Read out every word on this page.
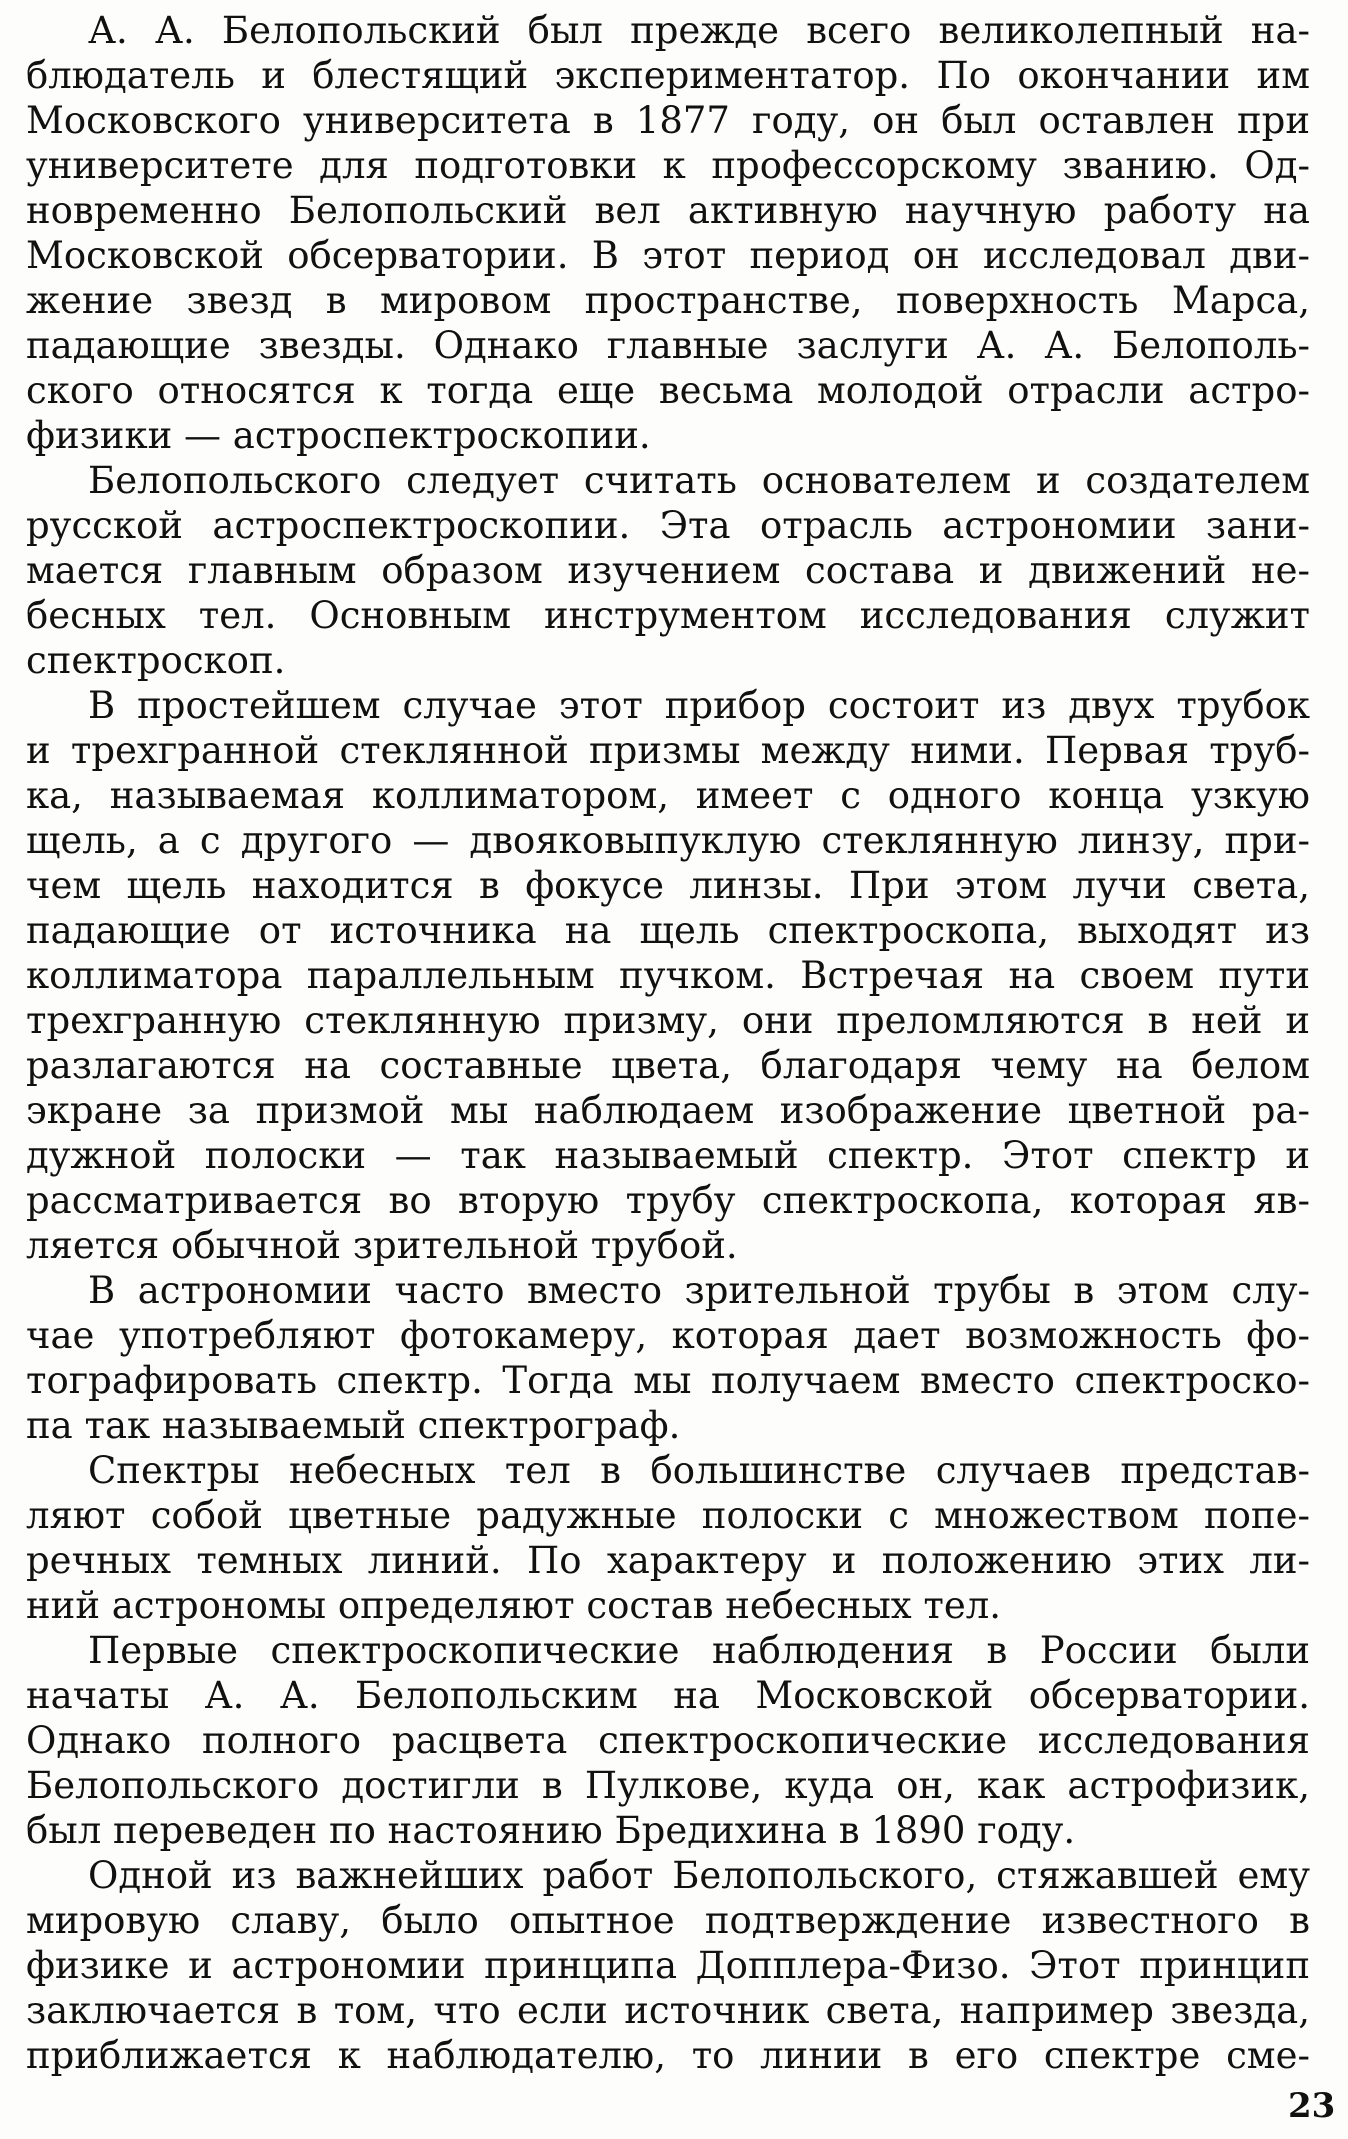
А. А. Белопольский был прежде всего великолепный на-
блюдатель и блестящий экспериментатор. По окончании им
Московского университета в 1877 году, он был оставлен при
университете для подготовки к профессорскому званию. Од-
новременно Белопольский вел активную научную работу на
Московской обсерватории. В этот период он исследовал дви-
жение звезд в мировом пространстве, поверхность Марса,
падающие звезды. Однако главные заслуги А. А. Белополь-
ского относятся к тогда еще весьма молодой отрасли астро-
физики — астроспектроскопии.
Белопольского следует считать основателем и создателем
русской астроспектроскопии. Эта отрасль астрономии зани-
мается главным образом изучением состава и движений не-
бесных тел. Основным инструментом исследования служит
спектроскоп.
В простейшем случае этот прибор состоит из двух трубок
и трехгранной стеклянной призмы между ними. Первая труб-
ка, называемая коллиматором, имеет с одного конца узкую
щель, а с другого — двояковыпуклую стеклянную линзу, при-
чем щель находится в фокусе линзы. При этом лучи света,
падающие от источника на щель спектроскопа, выходят из
коллиматора параллельным пучком. Встречая на своем пути
трехгранную стеклянную призму, они преломляются в ней и
разлагаются на составные цвета, благодаря чему на белом
экране за призмой мы наблюдаем изображение цветной ра-
дужной полоски — так называемый спектр. Этот спектр и
рассматривается во вторую трубу спектроскопа, которая яв-
ляется обычной зрительной трубой.
В астрономии часто вместо зрительной трубы в этом слу-
чае употребляют фотокамеру, которая дает возможность фо-
тографировать спектр. Тогда мы получаем вместо спектроско-
па так называемый спектрограф.
Спектры небесных тел в большинстве случаев представ-
ляют собой цветные радужные полоски с множеством попе-
речных темных линий. По характеру и положению этих ли-
ний астрономы определяют состав небесных тел.
Первые спектроскопические наблюдения в России были
начаты А. А. Белопольским на Московской обсерватории.
Однако полного расцвета спектроскопические исследования
Белопольского достигли в Пулкове, куда он, как астрофизик,
был переведен по настоянию Бредихина в 1890 году.
Одной из важнейших работ Белопольского, стяжавшей ему
мировую славу, было опытное подтверждение известного в
физике и астрономии принципа Допплера-Физо. Этот принцип
заключается в том, что если источник света, например звезда,
приближается к наблюдателю, то линии в его спектре сме-
23
